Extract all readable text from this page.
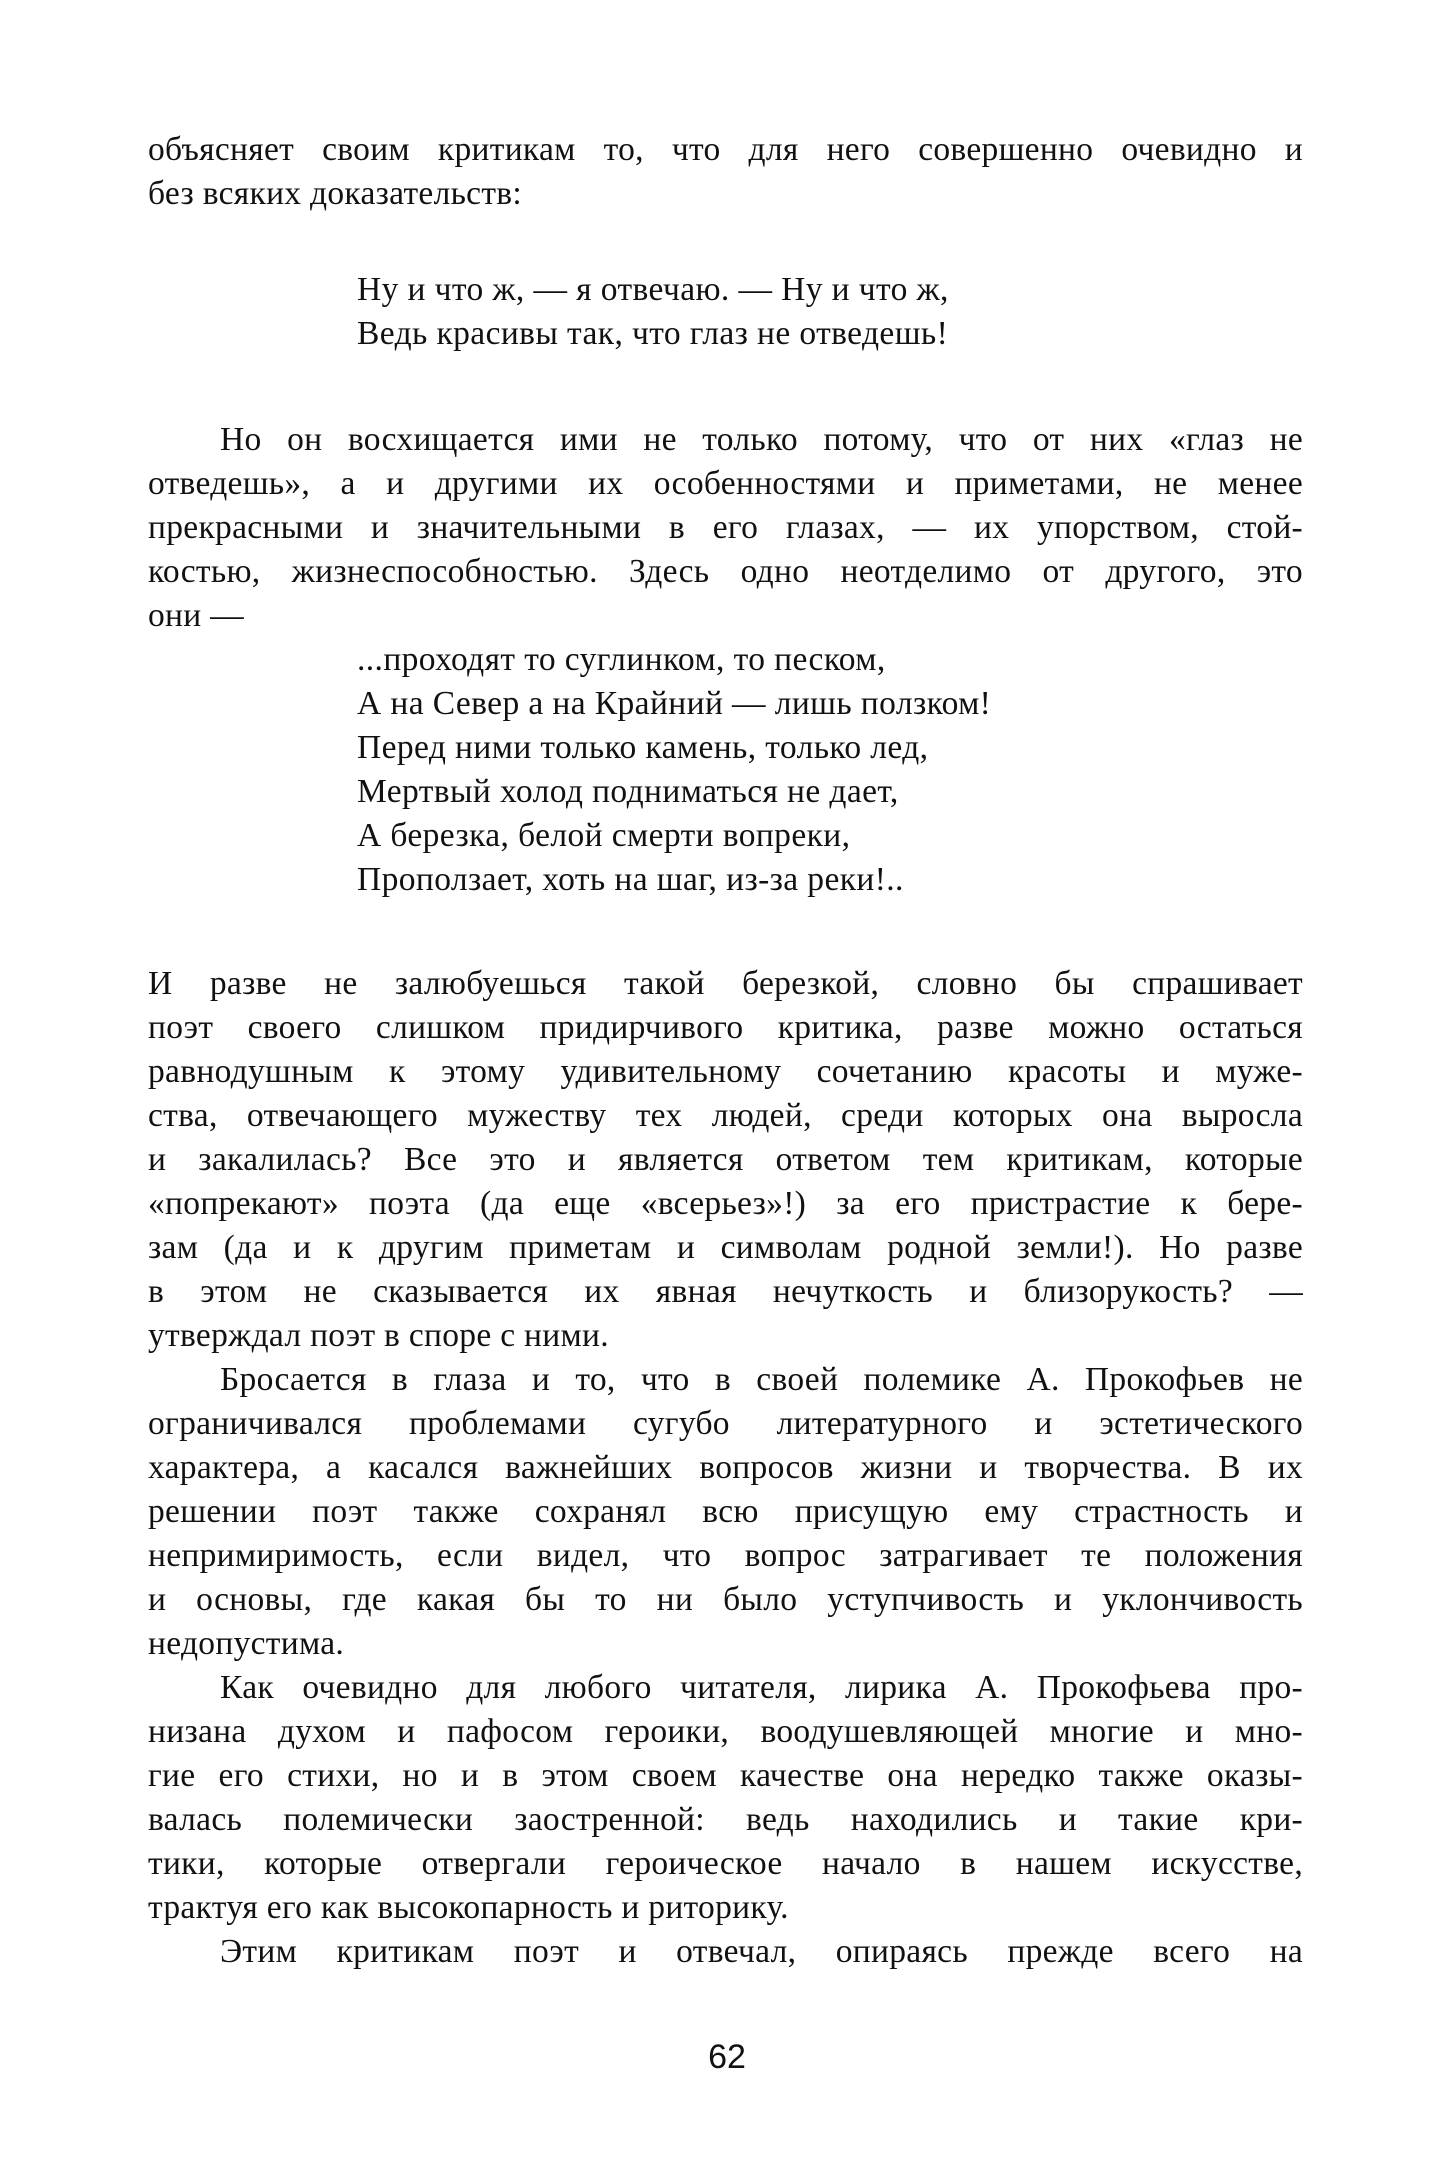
объясняет своим критикам то, что для него совершенно очевидно и
без всяких доказательств:
Ну и что ж, — я отвечаю. — Ну и что ж,
Ведь красивы так, что глаз не отведешь!
Но он восхищается ими не только потому, что от них «глаз не
отведешь», а и другими их особенностями и приметами, не менее
прекрасными и значительными в его глазах, — их упорством, стой-
костью, жизнеспособностью. Здесь одно неотделимо от другого, это
они —
...проходят то суглинком, то песком,
А на Север а на Крайний — лишь ползком!
Перед ними только камень, только лед,
Мертвый холод подниматься не дает,
А березка, белой смерти вопреки,
Проползает, хоть на шаг, из-за реки!..
И разве не залюбуешься такой березкой, словно бы спрашивает
поэт своего слишком придирчивого критика, разве можно остаться
равнодушным к этому удивительному сочетанию красоты и муже-
ства, отвечающего мужеству тех людей, среди которых она выросла
и закалилась? Все это и является ответом тем критикам, которые
«попрекают» поэта (да еще «всерьез»!) за его пристрастие к бере-
зам (да и к другим приметам и символам родной земли!). Но разве
в этом не сказывается их явная нечуткость и близорукость? —
утверждал поэт в споре с ними.
Бросается в глаза и то, что в своей полемике А. Прокофьев не
ограничивался проблемами сугубо литературного и эстетического
характера, а касался важнейших вопросов жизни и творчества. В их
решении поэт также сохранял всю присущую ему страстность и
непримиримость, если видел, что вопрос затрагивает те положения
и основы, где какая бы то ни было уступчивость и уклончивость
недопустима.
Как очевидно для любого читателя, лирика А. Прокофьева про-
низана духом и пафосом героики, воодушевляющей многие и мно-
гие его стихи, но и в этом своем качестве она нередко также оказы-
валась полемически заостренной: ведь находились и такие кри-
тики, которые отвергали героическое начало в нашем искусстве,
трактуя его как высокопарность и риторику.
Этим критикам поэт и отвечал, опираясь прежде всего на
62
